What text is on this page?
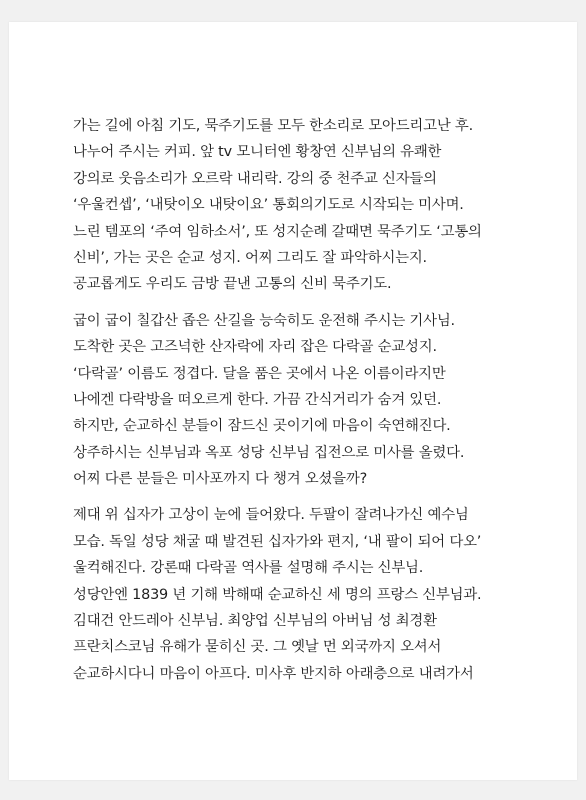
가는 길에 아침 기도, 묵주기도를 모두 한소리로 모아드리고난 후.
나누어 주시는 커피. 앞 tv 모니터엔 황창연 신부님의 유쾌한
강의로 웃음소리가 오르락 내리락. 강의 중 천주교 신자들의
‘우울컨셉’, ‘내탓이오 내탓이요’ 통회의기도로 시작되는 미사며.
느린 템포의 ‘주여 임하소서’, 또 성지순례 갈때면 묵주기도 ‘고통의
신비’, 가는 곳은 순교 성지. 어찌 그리도 잘 파악하시는지.
공교롭게도 우리도 금방 끝낸 고통의 신비 묵주기도.
굽이 굽이 칠갑산 좁은 산길을 능숙히도 운전해 주시는 기사님.
도착한 곳은 고즈넉한 산자락에 자리 잡은 다락골 순교성지.
‘다락골’ 이름도 정겹다. 달을 품은 곳에서 나온 이름이라지만
나에겐 다락방을 떠오르게 한다. 가끔 간식거리가 숨겨 있던.
하지만, 순교하신 분들이 잠드신 곳이기에 마음이 숙연해진다.
상주하시는 신부님과 옥포 성당 신부님 집전으로 미사를 올렸다.
어찌 다른 분들은 미사포까지 다 챙겨 오셨을까?
제대 위 십자가 고상이 눈에 들어왔다. 두팔이 잘려나가신 예수님
모습. 독일 성당 채굴 때 발견된 십자가와 편지, ‘내 팔이 되어 다오’
울컥해진다. 강론때 다락골 역사를 설명해 주시는 신부님.
성당안엔 1839 년 기해 박해때 순교하신 세 명의 프랑스 신부님과.
김대건 안드레아 신부님. 최양업 신부님의 아버님 성 최경환
프란치스코님 유해가 묻히신 곳. 그 옛날 먼 외국까지 오셔서
순교하시다니 마음이 아프다. 미사후 반지하 아래층으로 내려가서
